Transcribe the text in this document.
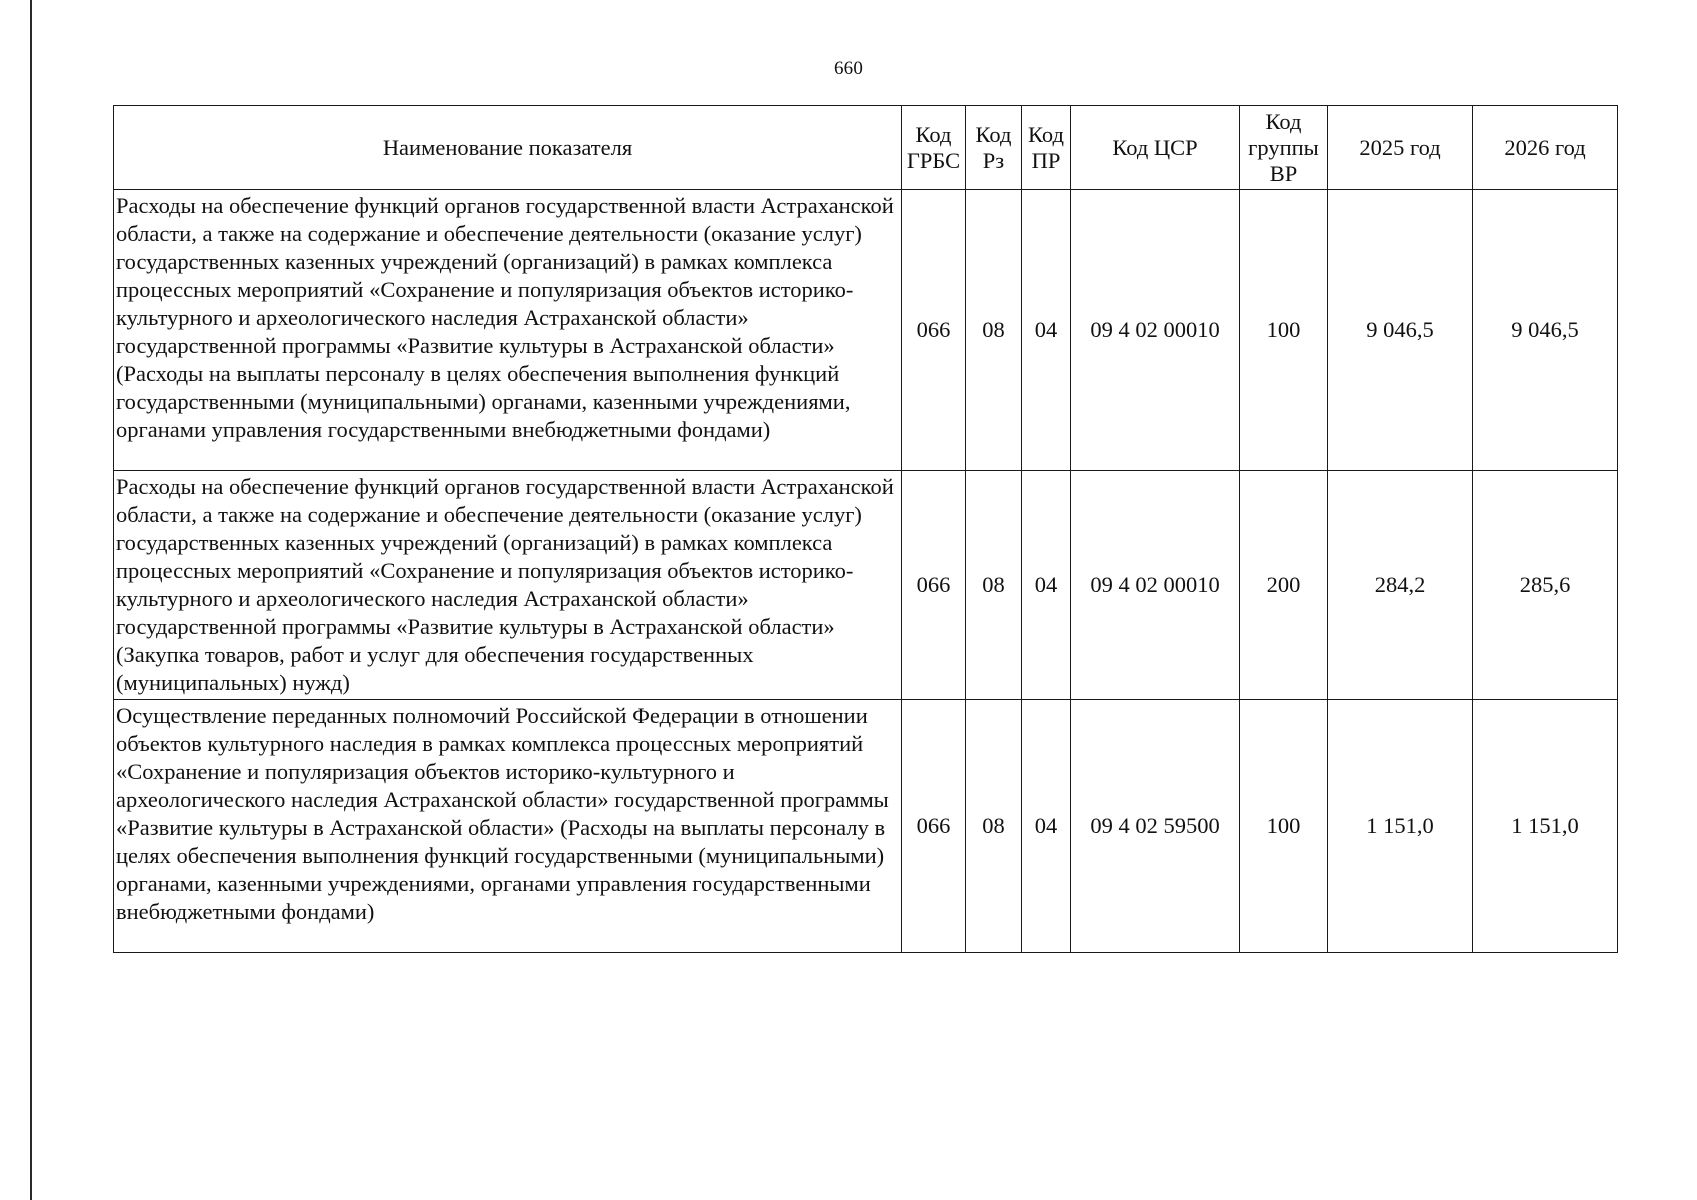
660
Наименование показателя	Код ГРБС	Код Рз	Код ПР	Код ЦСР	Код группы ВР	2025 год	2026 год
Расходы на обеспечение функций органов государственной власти Астраханской области, а также на содержание и обеспечение деятельности (оказание услуг) государственных казенных учреждений (организаций) в рамках комплекса процессных мероприятий «Сохранение и популяризация объектов историко-культурного и археологического наследия Астраханской области» государственной программы «Развитие культуры в Астраханской области» (Расходы на выплаты персоналу в целях обеспечения выполнения функций государственными (муниципальными) органами, казенными учреждениями, органами управления государственными внебюджетными фондами)	066	08	04	09 4 02 00010	100	9 046,5	9 046,5
Расходы на обеспечение функций органов государственной власти Астраханской области, а также на содержание и обеспечение деятельности (оказание услуг) государственных казенных учреждений (организаций) в рамках комплекса процессных мероприятий «Сохранение и популяризация объектов историко-культурного и археологического наследия Астраханской области» государственной программы «Развитие культуры в Астраханской области» (Закупка товаров, работ и услуг для обеспечения государственных (муниципальных) нужд)	066	08	04	09 4 02 00010	200	284,2	285,6
Осуществление переданных полномочий Российской Федерации в отношении объектов культурного наследия в рамках комплекса процессных мероприятий «Сохранение и популяризация объектов историко-культурного и археологического наследия Астраханской области» государственной программы «Развитие культуры в Астраханской области» (Расходы на выплаты персоналу в целях обеспечения выполнения функций государственными (муниципальными) органами, казенными учреждениями, органами управления государственными внебюджетными фондами)	066	08	04	09 4 02 59500	100	1 151,0	1 151,0
